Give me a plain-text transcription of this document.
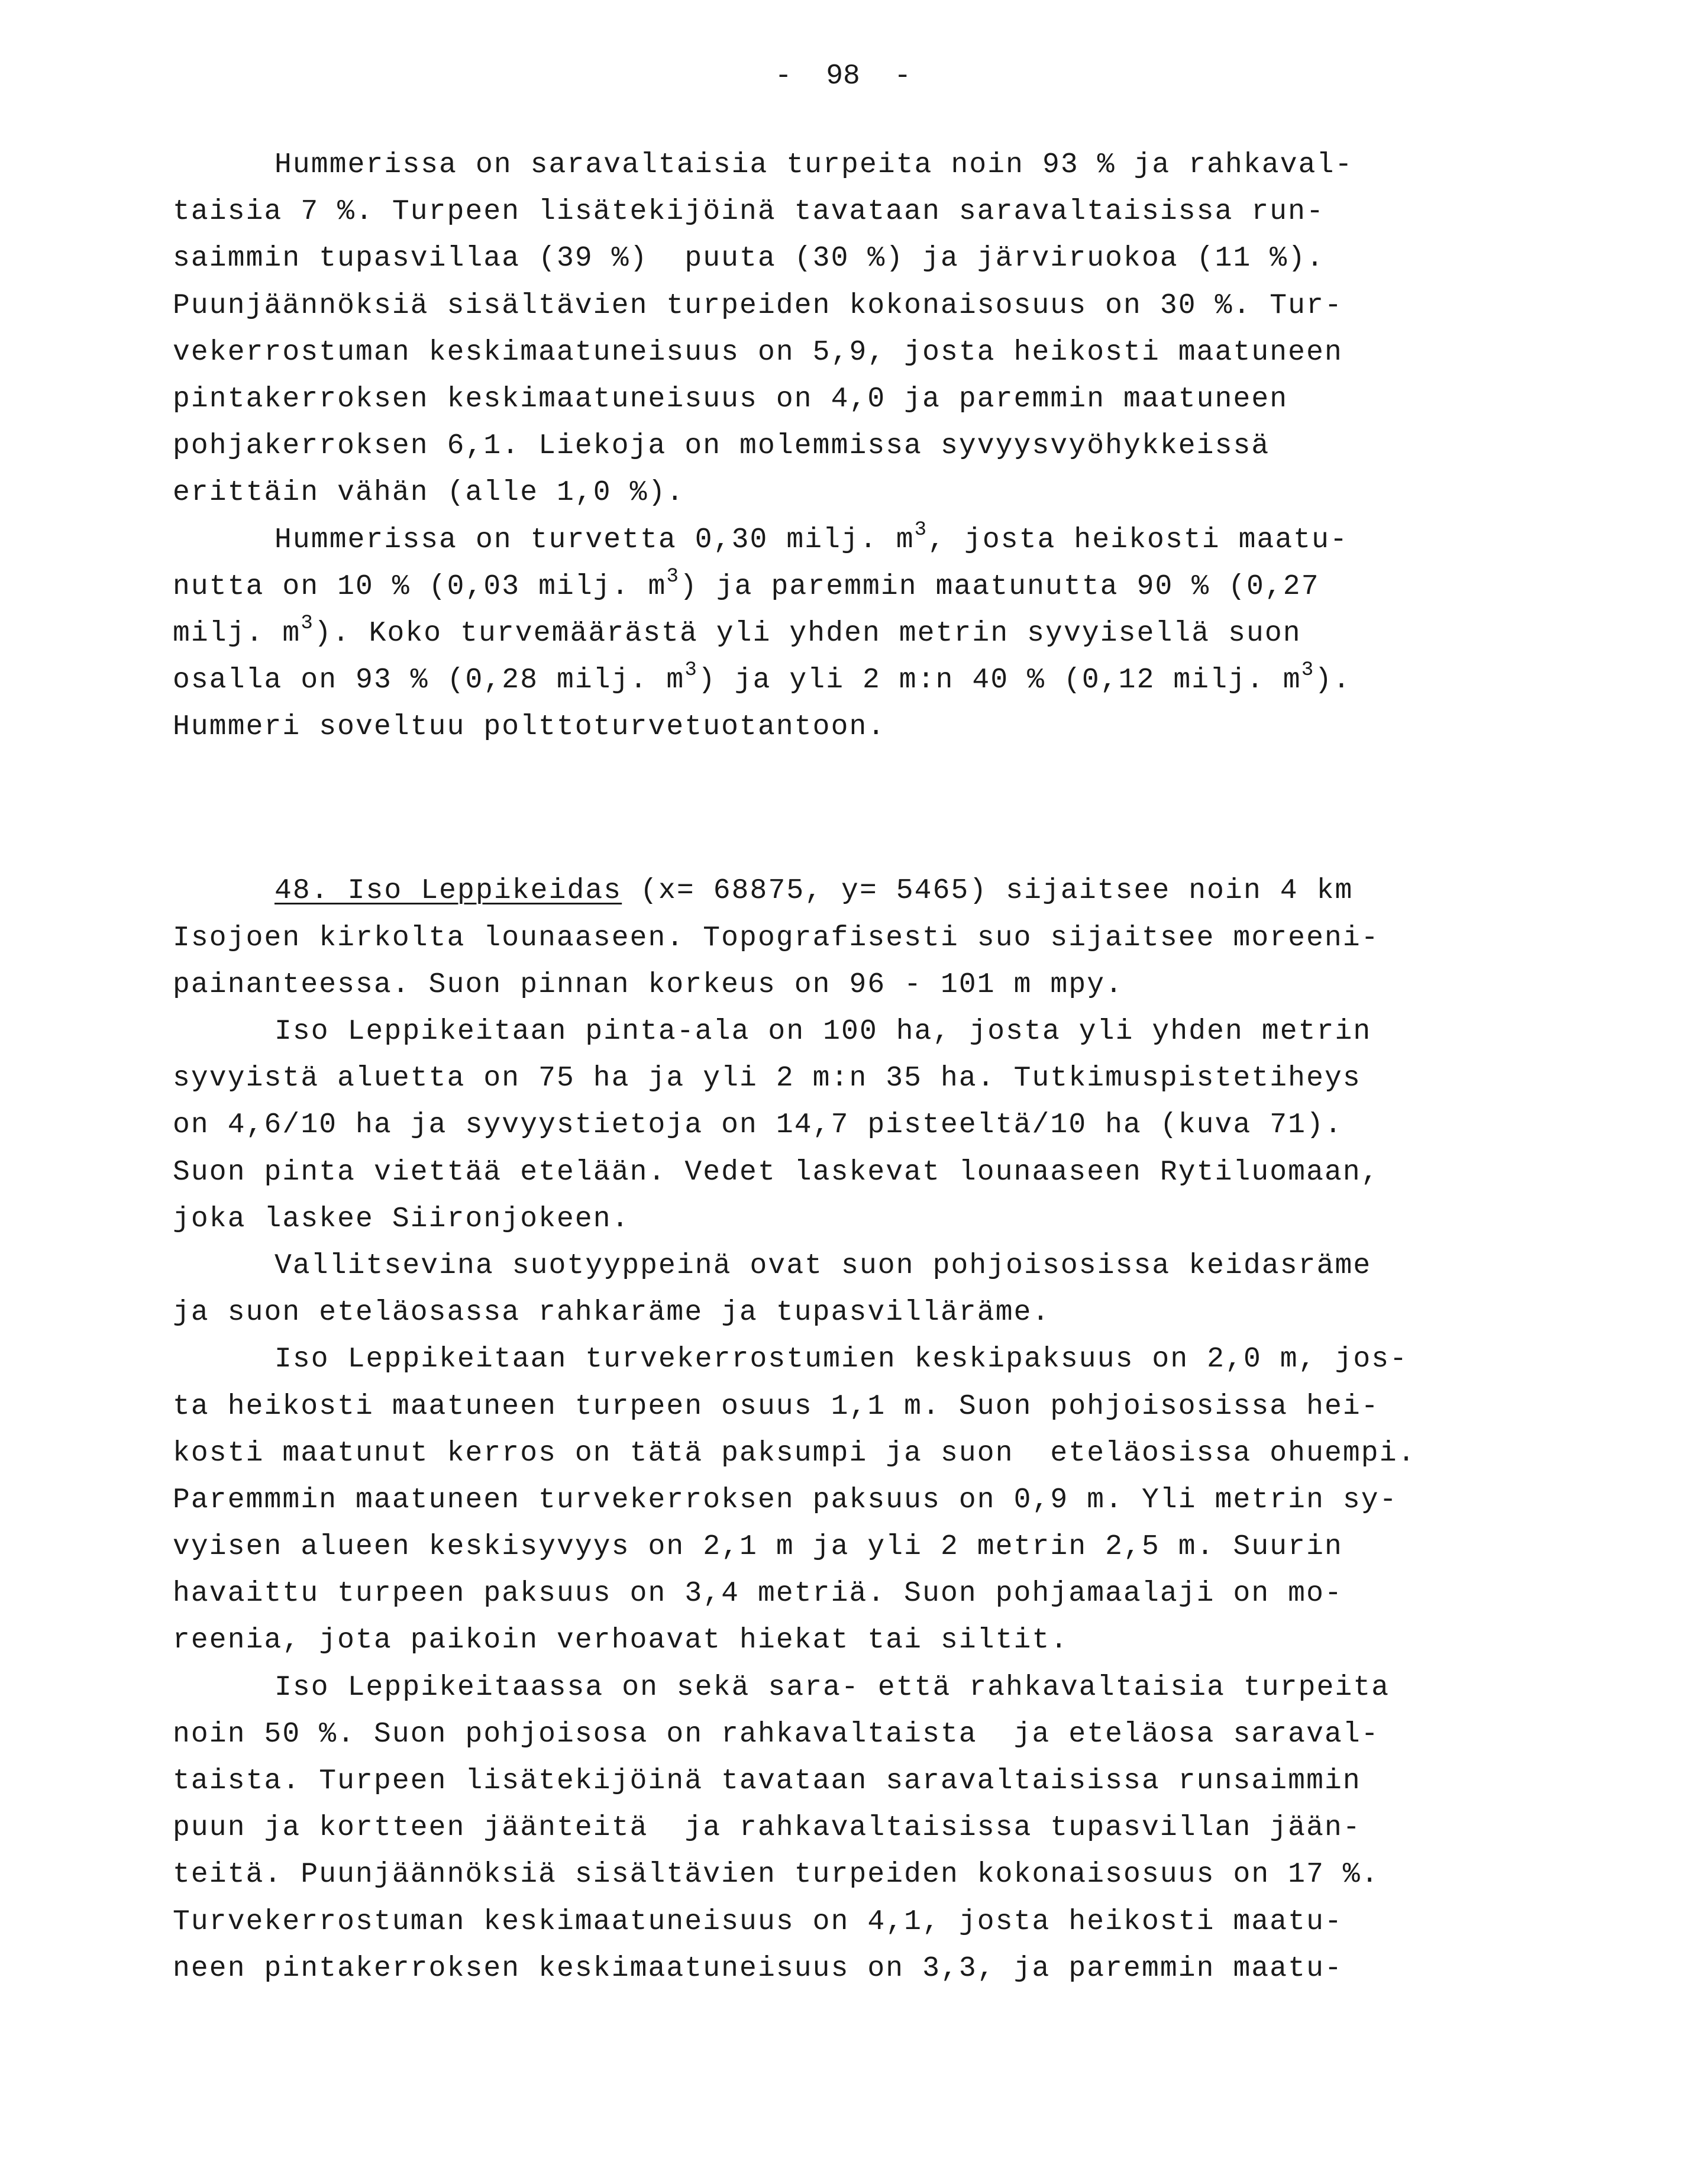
-  98  -
Hummerissa on saravaltaisia turpeita noin 93 % ja rahkaval-
taisia 7 %. Turpeen lisätekijöinä tavataan saravaltaisissa run-
saimmin tupasvillaa (39 %)  puuta (30 %) ja järviruokoa (11 %).
Puunjäännöksiä sisältävien turpeiden kokonaisosuus on 30 %. Tur-
vekerrostuman keskimaatuneisuus on 5,9, josta heikosti maatuneen
pintakerroksen keskimaatuneisuus on 4,0 ja paremmin maatuneen
pohjakerroksen 6,1. Liekoja on molemmissa syvyysvyöhykkeissä
erittäin vähän (alle 1,0 %).
Hummerissa on turvetta 0,30 milj. $m^3$, josta heikosti maatu-
nutta on 10 % (0,03 milj. $m^3$) ja paremmin maatunutta 90 % (0,27
milj. $m^3$). Koko turvemäärästä yli yhden metrin syvyisellä suon
osalla on 93 % (0,28 milj. $m^3$) ja yli 2 m:n 40 % (0,12 milj. $m^3$).
Hummeri soveltuu polttoturvetuotantoon.
48. Iso Leppikeidas (x= 68875, y= 5465) sijaitsee noin 4 km
Isojoen kirkolta lounaaseen. Topografisesti suo sijaitsee moreeni-
painanteessa. Suon pinnan korkeus on 96 - 101 m mpy.
Iso Leppikeitaan pinta-ala on 100 ha, josta yli yhden metrin
syvyistä aluetta on 75 ha ja yli 2 m:n 35 ha. Tutkimuspistetiheys
on 4,6/10 ha ja syvyystietoja on 14,7 pisteeltä/10 ha (kuva 71).
Suon pinta viettää etelään. Vedet laskevat lounaaseen Rytiluomaan,
joka laskee Siironjokeen.
Vallitsevina suotyyppeinä ovat suon pohjoisosissa keidasräme
ja suon eteläosassa rahkaräme ja tupasvilläräme.
Iso Leppikeitaan turvekerrostumien keskipaksuus on 2,0 m, jos-
ta heikosti maatuneen turpeen osuus 1,1 m. Suon pohjoisosissa hei-
kosti maatunut kerros on tätä paksumpi ja suon  eteläosissa ohuempi.
Paremmmin maatuneen turvekerroksen paksuus on 0,9 m. Yli metrin sy-
vyisen alueen keskisyvyys on 2,1 m ja yli 2 metrin 2,5 m. Suurin
havaittu turpeen paksuus on 3,4 metriä. Suon pohjamaalaji on mo-
reenia, jota paikoin verhoavat hiekat tai siltit.
Iso Leppikeitaassa on sekä sara- että rahkavaltaisia turpeita
noin 50 %. Suon pohjoisosa on rahkavaltaista  ja eteläosa saraval-
taista. Turpeen lisätekijöinä tavataan saravaltaisissa runsaimmin
puun ja kortteen jäänteitä  ja rahkavaltaisissa tupasvillan jään-
teitä. Puunjäännöksiä sisältävien turpeiden kokonaisosuus on 17 %.
Turvekerrostuman keskimaatuneisuus on 4,1, josta heikosti maatu-
neen pintakerroksen keskimaatuneisuus on 3,3, ja paremmin maatu-
